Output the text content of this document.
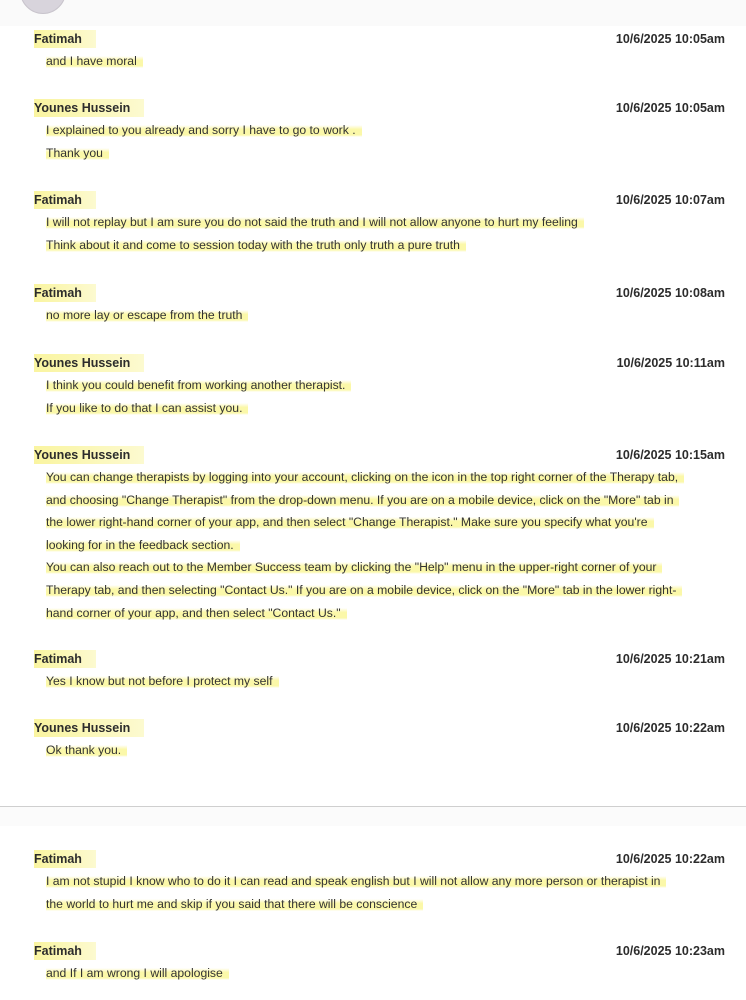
Fatimah	10/6/2025 10:05am
and I have moral
Younes Hussein	10/6/2025 10:05am
I explained to you already and sorry I have to go to work .
Thank you
Fatimah	10/6/2025 10:07am
I will not replay but I am sure you do not said the truth and I will not allow anyone to hurt my feeling
Think about it and come to session today with the truth only truth a pure truth
Fatimah	10/6/2025 10:08am
no more lay or escape from the truth
Younes Hussein	10/6/2025 10:11am
I think you could benefit from working another therapist.
If you like to do that I can assist you.
Younes Hussein	10/6/2025 10:15am
You can change therapists by logging into your account, clicking on the icon in the top right corner of the Therapy tab,
and choosing "Change Therapist" from the drop-down menu. If you are on a mobile device, click on the "More" tab in
the lower right-hand corner of your app, and then select "Change Therapist." Make sure you specify what you're
looking for in the feedback section.
You can also reach out to the Member Success team by clicking the "Help" menu in the upper-right corner of your
Therapy tab, and then selecting "Contact Us." If you are on a mobile device, click on the "More" tab in the lower right-
hand corner of your app, and then select "Contact Us."
Fatimah	10/6/2025 10:21am
Yes I know but not before I protect my self
Younes Hussein	10/6/2025 10:22am
Ok thank you.
Fatimah	10/6/2025 10:22am
I am not stupid I know who to do it I can read and speak english but I will not allow any more person or therapist in
the world to hurt me and skip if you said that there will be conscience
Fatimah	10/6/2025 10:23am
and If I am wrong I will apologise
